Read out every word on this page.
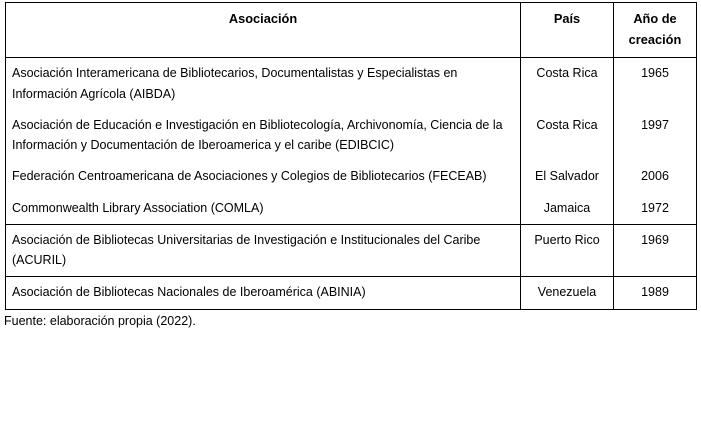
Asociación	País	Año de
creación
Asociación Interamericana de Bibliotecarios, Documentalistas y Especialistas en Información Agrícola (AIBDA)	Costa Rica	1965
Asociación de Educación e Investigación en Bibliotecología, Archivonomía, Ciencia de la Información y Documentación de Iberoamerica y el caribe (EDIBCIC)	Costa Rica	1997
Federación Centroamericana de Asociaciones y Colegios de Bibliotecarios (FECEAB)	El Salvador	2006
Commonwealth Library Association (COMLA)	Jamaica	1972
Asociación de Bibliotecas Universitarias de Investigación e Institucionales del Caribe (ACURIL)	Puerto Rico	1969
Asociación de Bibliotecas Nacionales de Iberoamérica (ABINIA)	Venezuela	1989
Fuente: elaboración propia (2022).
